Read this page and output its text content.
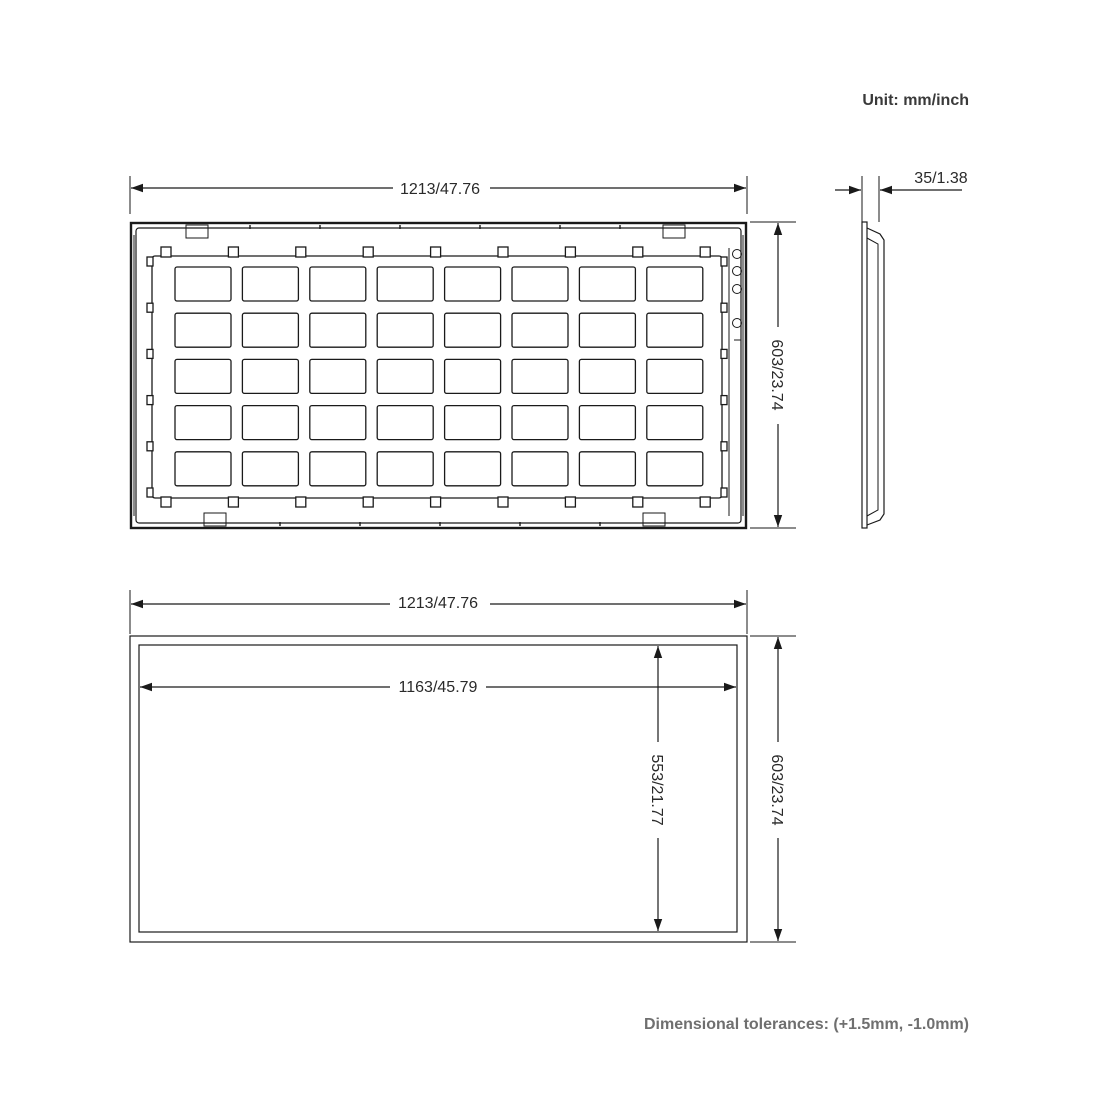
Unit: mm/inch
1213/47.76
603/23.74
35/1.38
1213/47.76
1163/45.79
553/21.77	603/23.74
Dimensional tolerances: (+1.5mm, -1.0mm)
